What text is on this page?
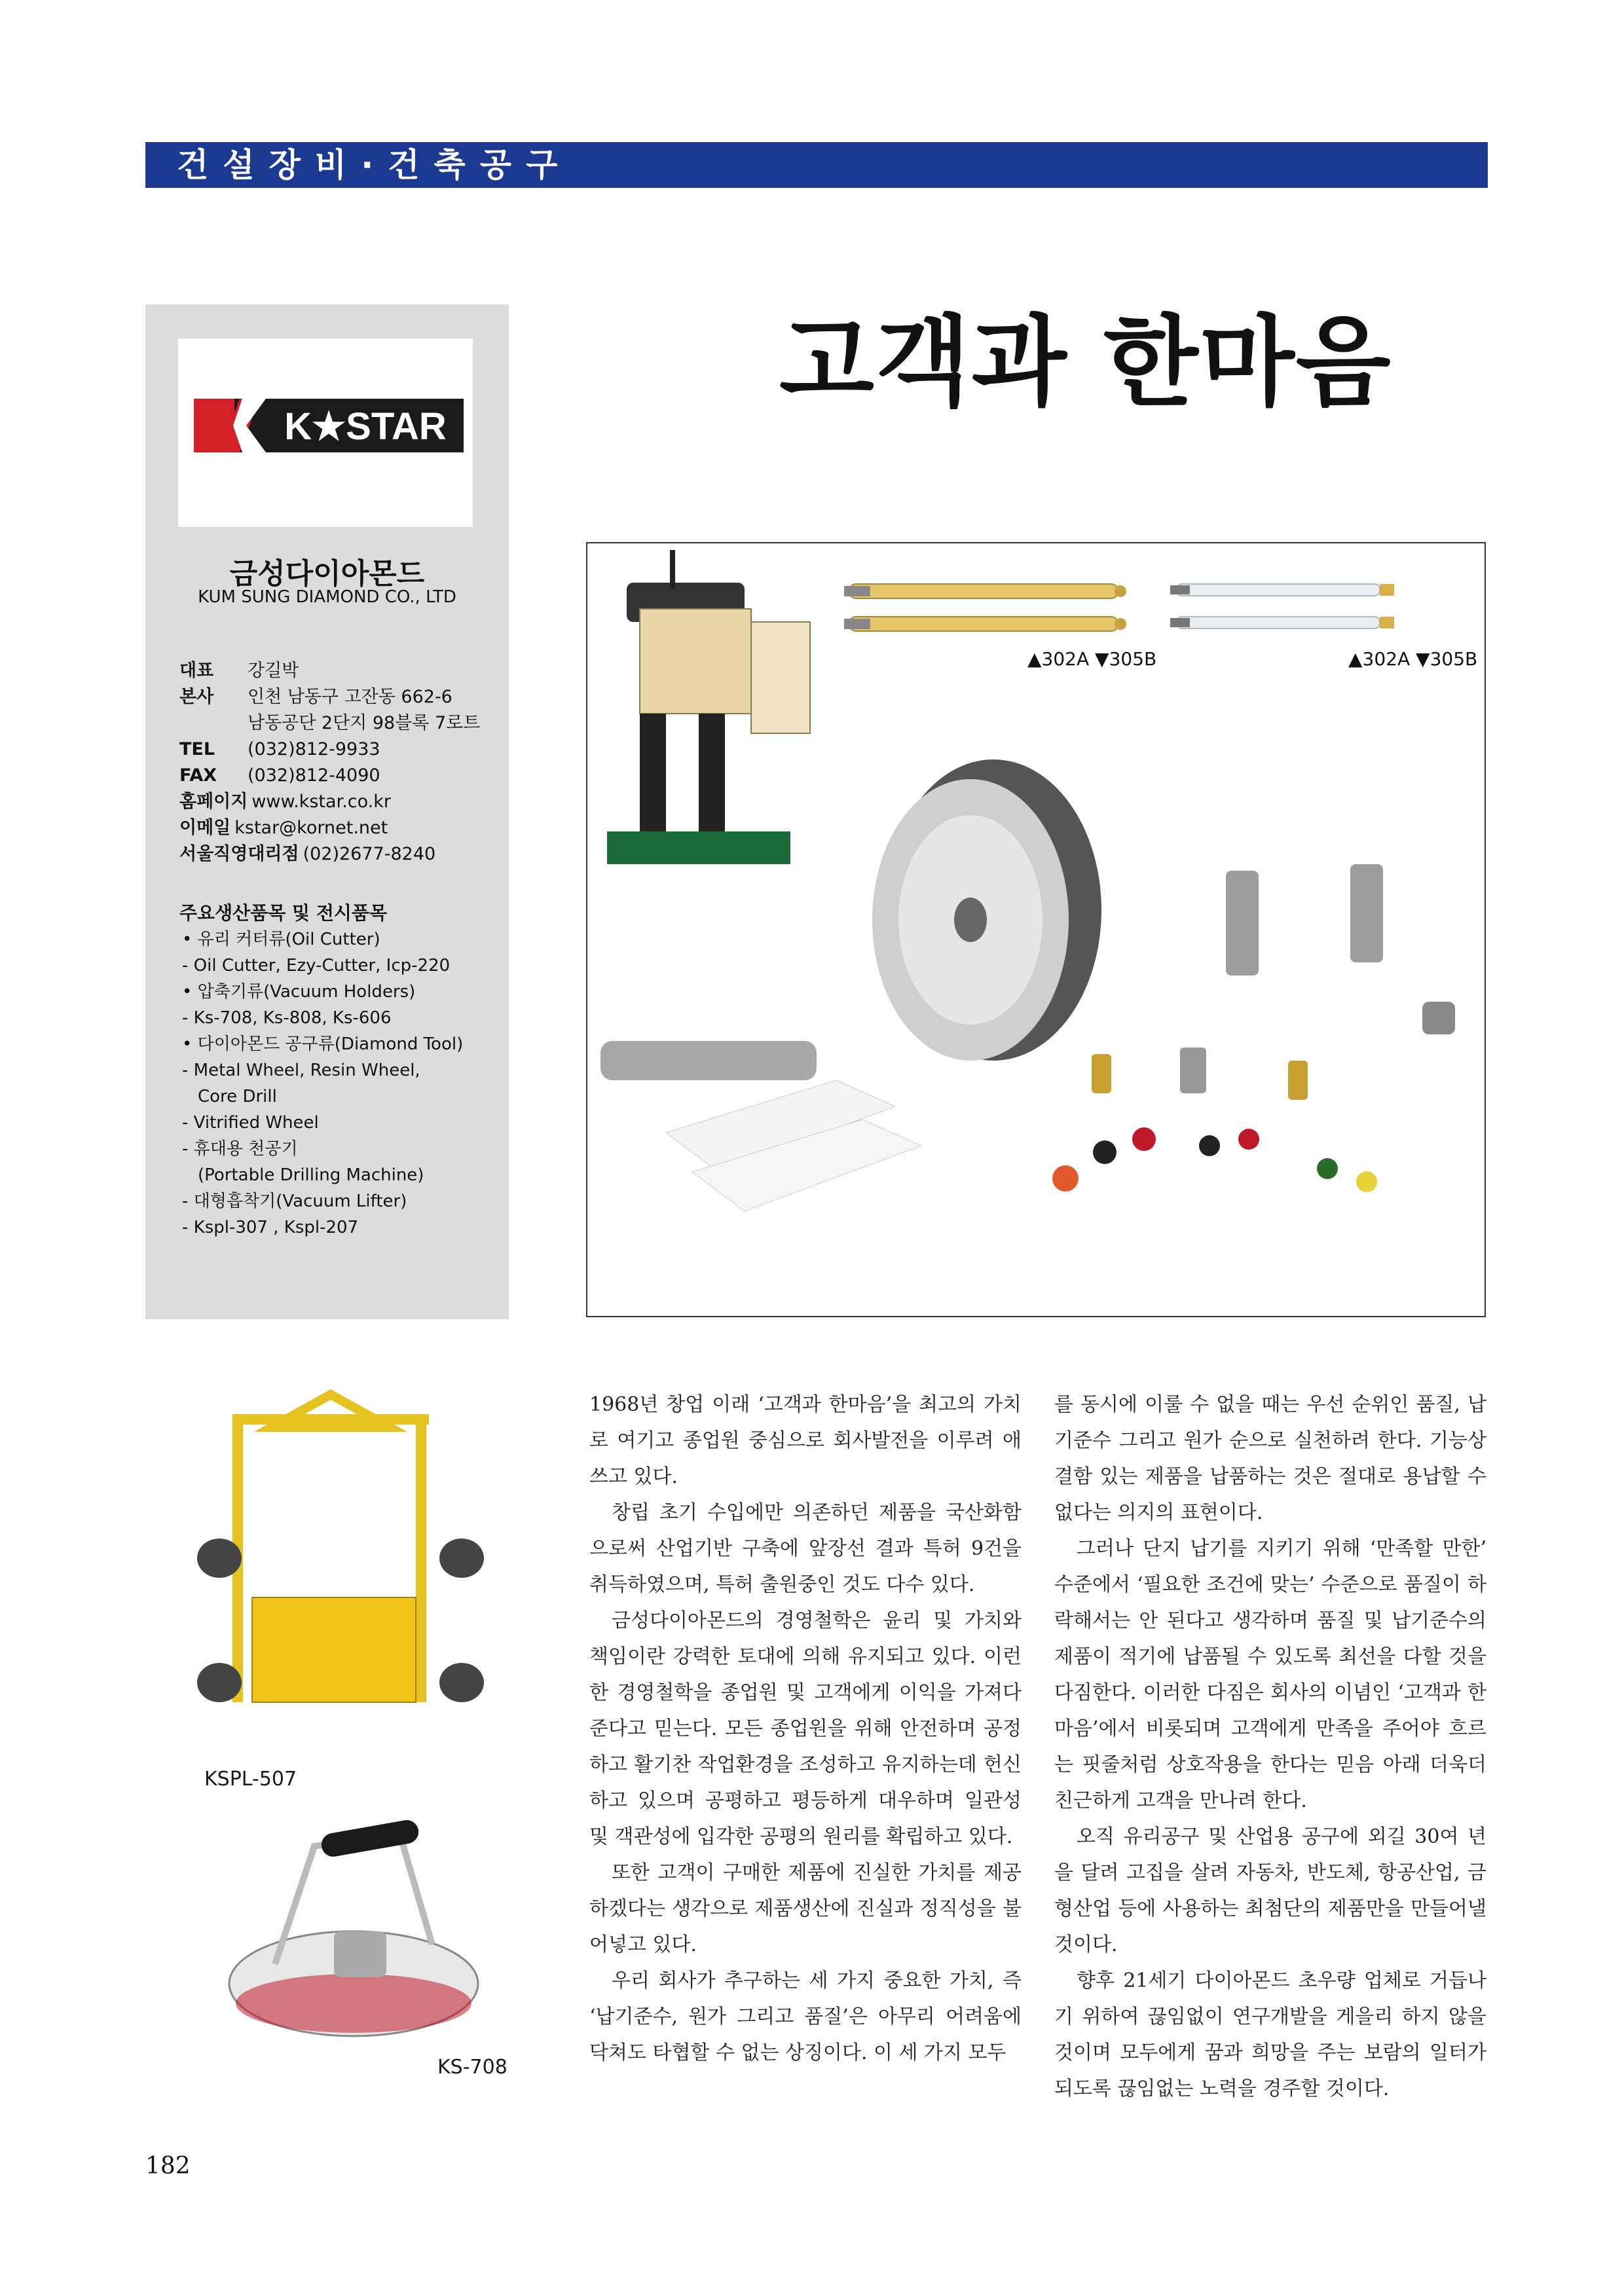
건설장비·건축공구
고객과 한마음
K★STAR
금성다이아몬드
KUM SUNG DIAMOND CO., LTD
대표 강길박
본사 인천 남동구 고잔동 662-6
남동공단 2단지 98블록 7로트
TEL (032)812-9933
FAX (032)812-4090
홈페이지 www.kstar.co.kr
이메일 kstar@kornet.net
서울직영대리점 (02)2677-8240
주요생산품목 및 전시품목
• 유리 커터류(Oil Cutter)
- Oil Cutter, Ezy-Cutter, Icp-220
• 압축기류(Vacuum Holders)
- Ks-708, Ks-808, Ks-606
• 다이아몬드 공구류(Diamond Tool)
- Metal Wheel, Resin Wheel,
Core Drill
- Vitrified Wheel
- 휴대용 천공기
(Portable Drilling Machine)
- 대형흡착기(Vacuum Lifter)
- Kspl-307 , Kspl-207
▲302A ▼305B	▲302A ▼305B
KSPL-507
KS-708

1968년 창업 이래 ‘고객과 한마음’을 최고의 가치로 여기고 종업원 중심으로 회사발전을 이루려 애쓰고 있다.

창립 초기 수입에만 의존하던 제품을 국산화함으로써 산업기반 구축에 앞장선 결과 특허 9건을 취득하였으며, 특허 출원중인 것도 다수 있다.

금성다이아몬드의 경영철학은 윤리 및 가치와 책임이란 강력한 토대에 의해 유지되고 있다. 이런한 경영철학을 종업원 및 고객에게 이익을 가져다 준다고 믿는다. 모든 종업원을 위해 안전하며 공정하고 활기찬 작업환경을 조성하고 유지하는데 헌신하고 있으며 공평하고 평등하게 대우하며 일관성 및 객관성에 입각한 공평의 원리를 확립하고 있다.

또한 고객이 구매한 제품에 진실한 가치를 제공하겠다는 생각으로 제품생산에 진실과 정직성을 불어넣고 있다.

우리 회사가 추구하는 세 가지 중요한 가치, 즉 ‘납기준수, 원가 그리고 품질’은 아무리 어려움에 닥쳐도 타협할 수 없는 상징이다. 이 세 가지 모두

를 동시에 이룰 수 없을 때는 우선 순위인 품질, 납기준수 그리고 원가 순으로 실천하려 한다. 기능상 결함 있는 제품을 납품하는 것은 절대로 용납할 수 없다는 의지의 표현이다.

그러나 단지 납기를 지키기 위해 ‘만족할 만한’ 수준에서 ‘필요한 조건에 맞는’ 수준으로 품질이 하락해서는 안 된다고 생각하며 품질 및 납기준수의 제품이 적기에 납품될 수 있도록 최선을 다할 것을 다짐한다. 이러한 다짐은 회사의 이념인 ‘고객과 한마음’에서 비롯되며 고객에게 만족을 주어야 흐르는 핏줄처럼 상호작용을 한다는 믿음 아래 더욱더 친근하게 고객을 만나려 한다.

오직 유리공구 및 산업용 공구에 외길 30여 년을 달려 고집을 살려 자동차, 반도체, 항공산업, 금형산업 등에 사용하는 최첨단의 제품만을 만들어낼 것이다.

향후 21세기 다이아몬드 초우량 업체로 거듭나기 위하여 끊임없이 연구개발을 게을리 하지 않을 것이며 모두에게 꿈과 희망을 주는 보람의 일터가 되도록 끊임없는 노력을 경주할 것이다.

182
